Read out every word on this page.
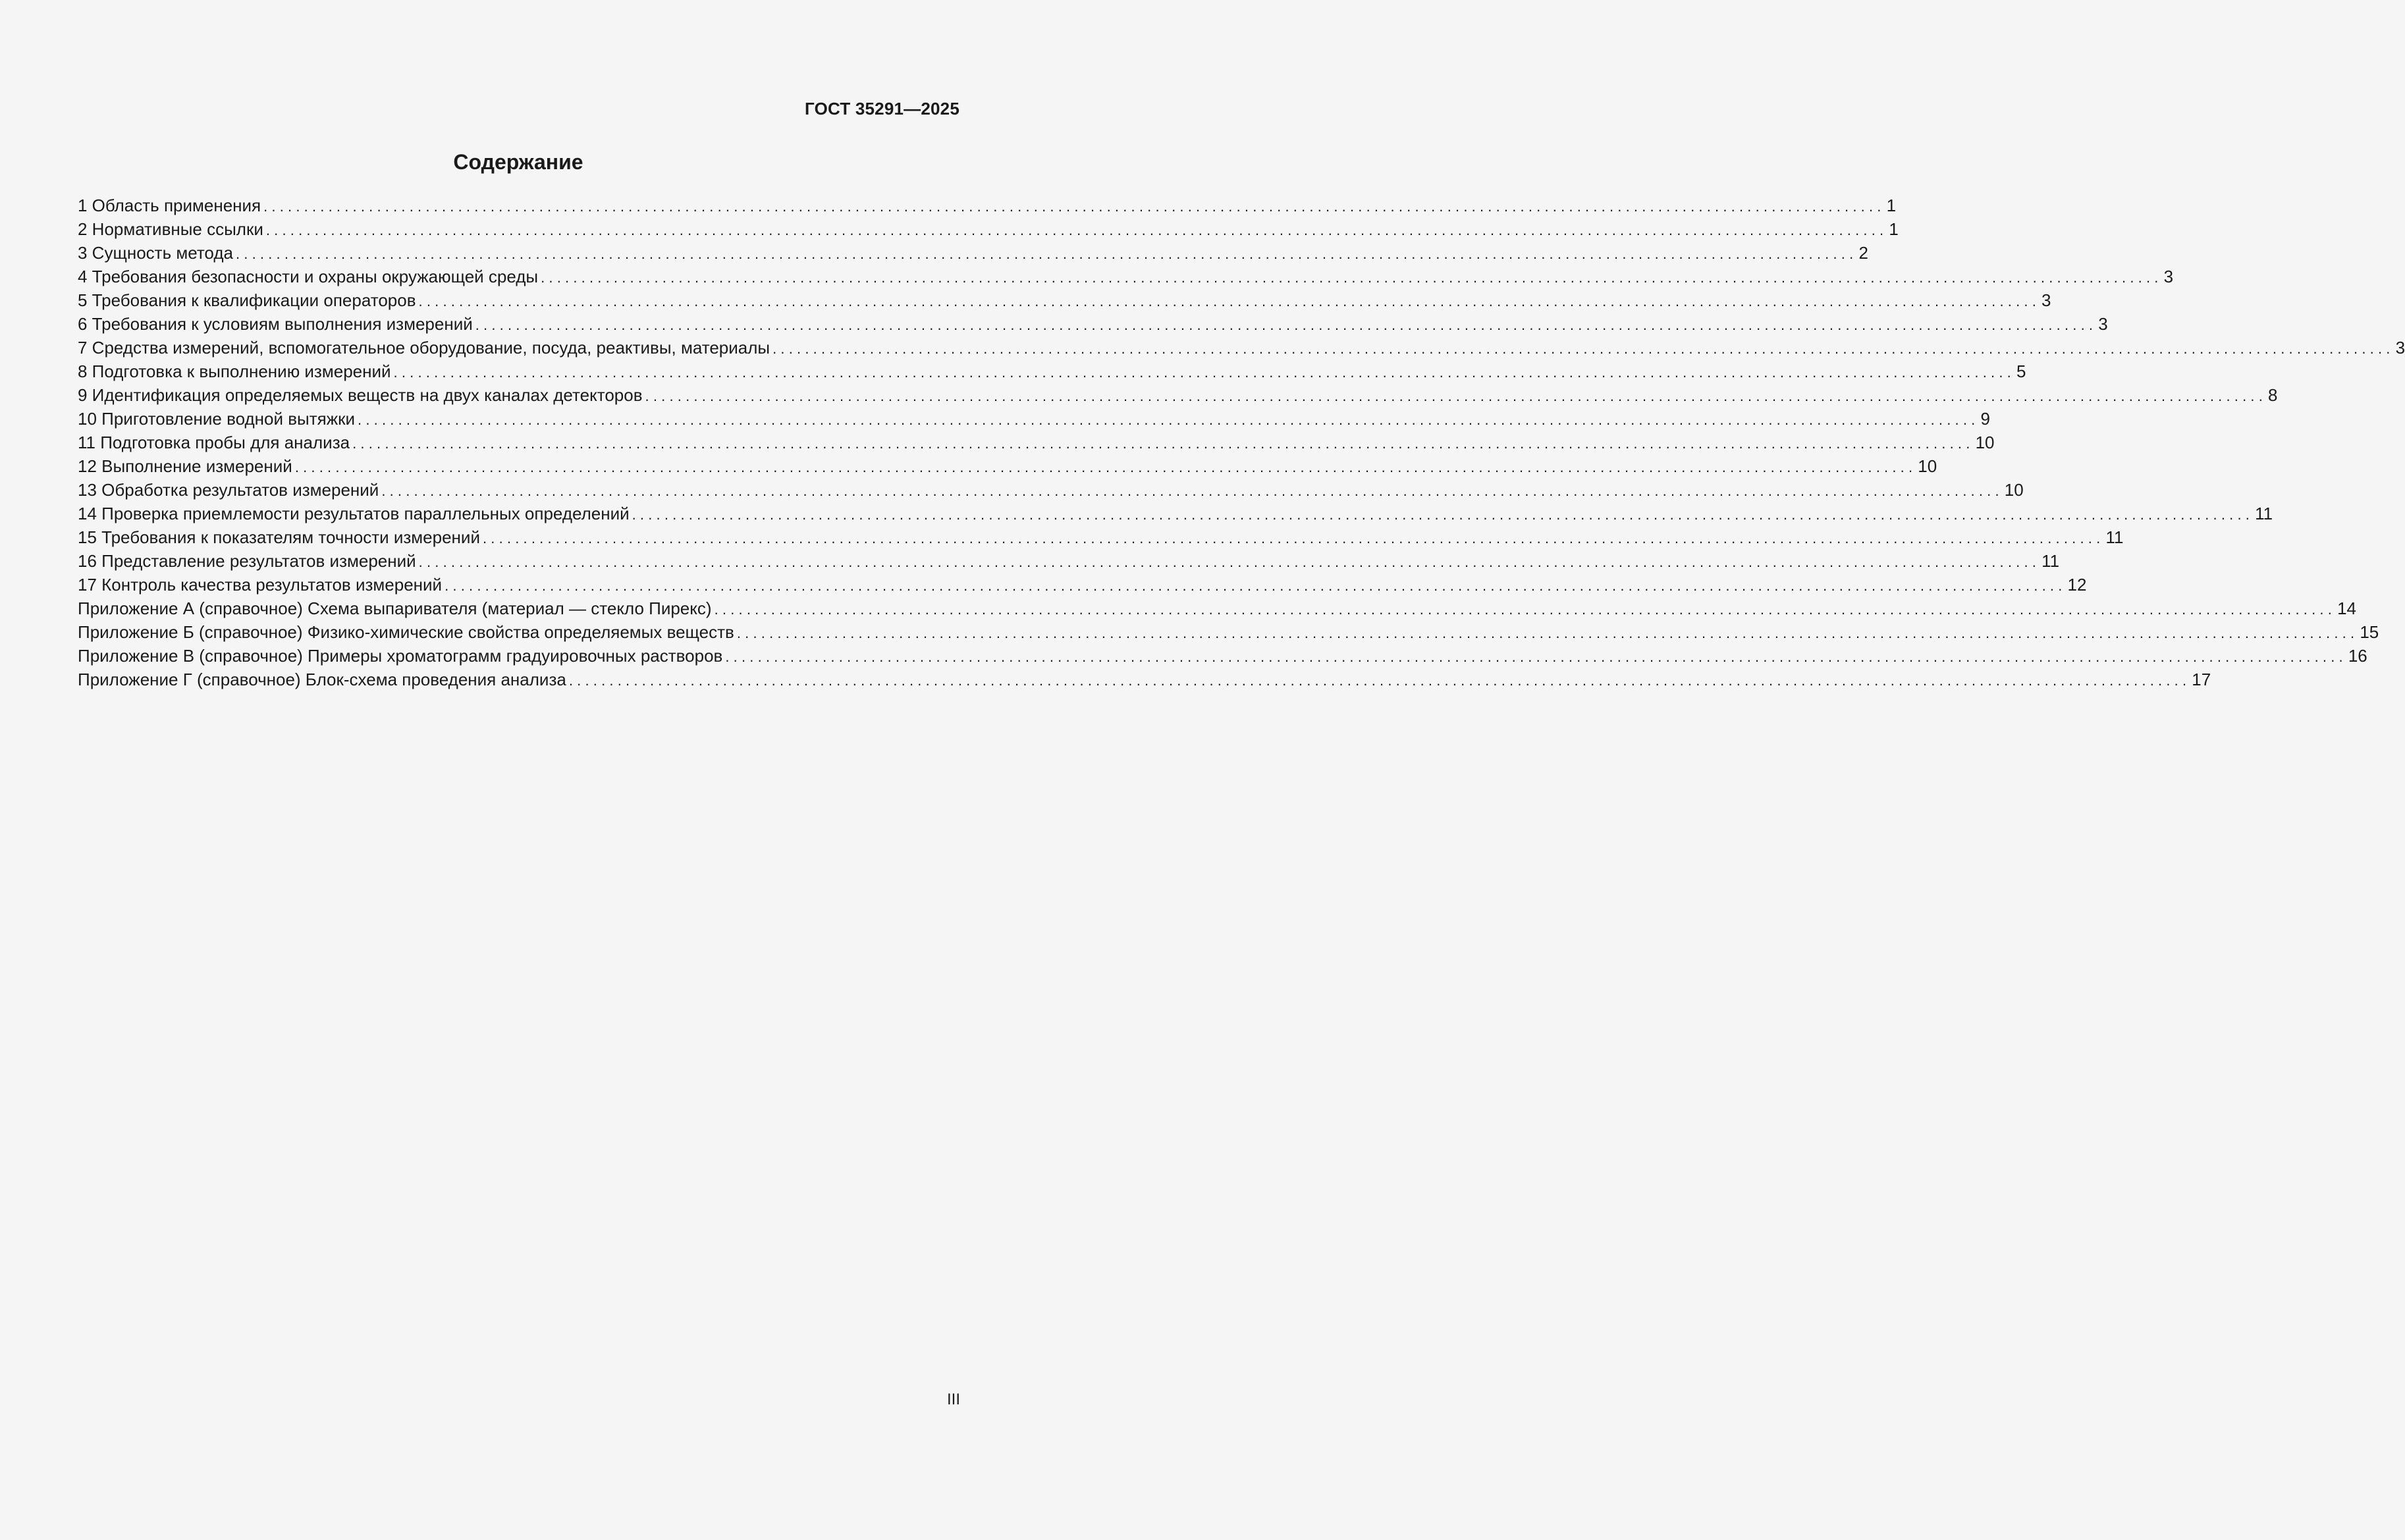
ГОСТ 35291—2025
Содержание
1 Область применения ........................................................................................................................................................................................................ 1
2 Нормативные ссылки ........................................................................................................................................................................................................ 1
3 Сущность метода ........................................................................................................................................................................................................ 2
4 Требования безопасности и охраны окружающей среды ........................................................................................................................................................................................................ 3
5 Требования к квалификации операторов ........................................................................................................................................................................................................ 3
6 Требования к условиям выполнения измерений ........................................................................................................................................................................................................ 3
7 Средства измерений, вспомогательное оборудование, посуда, реактивы, материалы ........................................................................................................................................................................................................ 3
8 Подготовка к выполнению измерений ........................................................................................................................................................................................................ 5
9 Идентификация определяемых веществ на двух каналах детекторов ........................................................................................................................................................................................................ 8
10 Приготовление водной вытяжки ........................................................................................................................................................................................................ 9
11 Подготовка пробы для анализа ........................................................................................................................................................................................................ 10
12 Выполнение измерений ........................................................................................................................................................................................................ 10
13 Обработка результатов измерений ........................................................................................................................................................................................................ 10
14 Проверка приемлемости результатов параллельных определений ........................................................................................................................................................................................................ 11
15 Требования к показателям точности измерений ........................................................................................................................................................................................................ 11
16 Представление результатов измерений ........................................................................................................................................................................................................ 11
17 Контроль качества результатов измерений ........................................................................................................................................................................................................ 12
Приложение А (справочное) Схема выпаривателя (материал — стекло Пирекс) ........................................................................................................................................................................................................ 14
Приложение Б (справочное) Физико-химические свойства определяемых веществ ........................................................................................................................................................................................................ 15
Приложение В (справочное) Примеры хроматограмм градуировочных растворов ........................................................................................................................................................................................................ 16
Приложение Г (справочное) Блок-схема проведения анализа ........................................................................................................................................................................................................ 17
III
